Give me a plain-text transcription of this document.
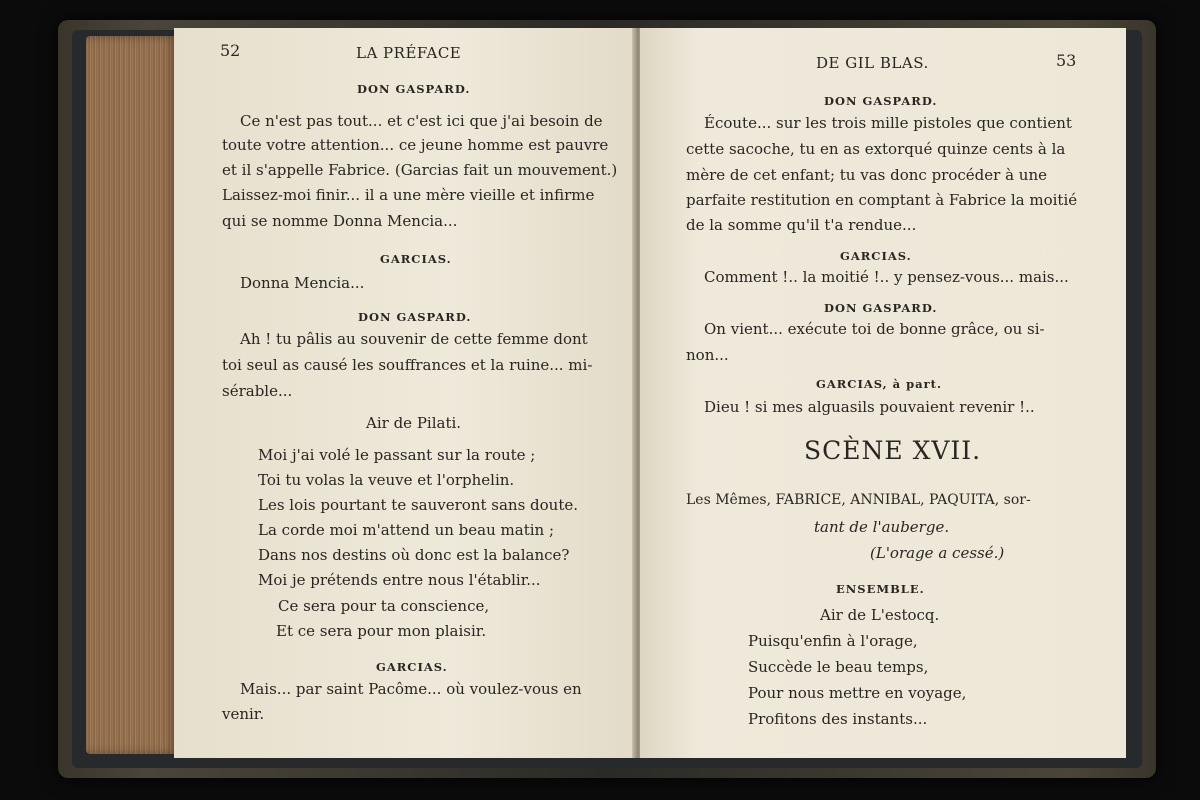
52	LA PRÉFACE
DON GASPARD.
Ce n'est pas tout... et c'est ici que j'ai besoin de
toute votre attention... ce jeune homme est pauvre
et il s'appelle Fabrice. (Garcias fait un mouvement.)
Laissez-moi finir... il a une mère vieille et infirme
qui se nomme Donna Mencia...
GARCIAS.
Donna Mencia...
DON GASPARD.
Ah ! tu pâlis au souvenir de cette femme dont
toi seul as causé les souffrances et la ruine... mi-
sérable...
Air de Pilati.
Moi j'ai volé le passant sur la route ;
Toi tu volas la veuve et l'orphelin.
Les lois pourtant te sauveront sans doute.
La corde moi m'attend un beau matin ;
Dans nos destins où donc est la balance?
Moi je prétends entre nous l'établir...
Ce sera pour ta conscience,
Et ce sera pour mon plaisir.
GARCIAS.
Mais... par saint Pacôme... où voulez-vous en
venir.
DE GIL BLAS.	53
DON GASPARD.
Écoute... sur les trois mille pistoles que contient
cette sacoche, tu en as extorqué quinze cents à la
mère de cet enfant; tu vas donc procéder à une
parfaite restitution en comptant à Fabrice la moitié
de la somme qu'il t'a rendue...
GARCIAS.
Comment !.. la moitié !.. y pensez-vous... mais...
DON GASPARD.
On vient... exécute toi de bonne grâce, ou si-
non...
GARCIAS, à part.
Dieu ! si mes alguasils pouvaient revenir !..
SCÈNE XVII.
Les Mêmes, FABRICE, ANNIBAL, PAQUITA, sor-
tant de l'auberge.
(L'orage a cessé.)
ENSEMBLE.
Air de L'estocq.
Puisqu'enfin à l'orage,
Succède le beau temps,
Pour nous mettre en voyage,
Profitons des instants...
